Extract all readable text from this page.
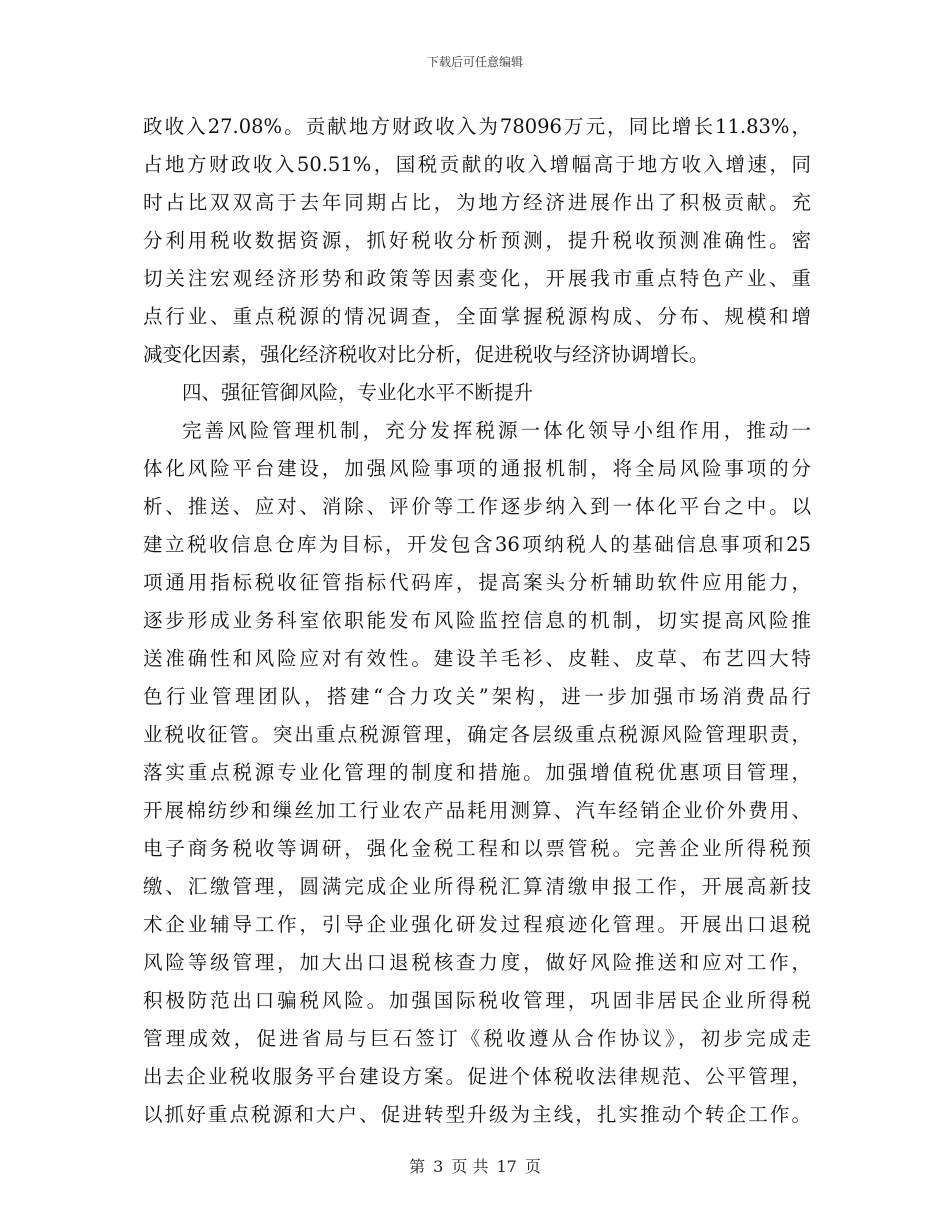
下载后可任意编辑
政收入27.08%。贡献地方财政收入为78096万元，同比增长11.83%，
占地方财政收入50.51%，国税贡献的收入增幅高于地方收入增速，同
时占比双双高于去年同期占比，为地方经济进展作出了积极贡献。充
分利用税收数据资源，抓好税收分析预测，提升税收预测准确性。密
切关注宏观经济形势和政策等因素变化，开展我市重点特色产业、重
点行业、重点税源的情况调查，全面掌握税源构成、分布、规模和增
减变化因素，强化经济税收对比分析，促进税收与经济协调增长。
四、强征管御风险，专业化水平不断提升
完善风险管理机制，充分发挥税源一体化领导小组作用，推动一
体化风险平台建设，加强风险事项的通报机制，将全局风险事项的分
析、推送、应对、消除、评价等工作逐步纳入到一体化平台之中。以
建立税收信息仓库为目标，开发包含36项纳税人的基础信息事项和25
项通用指标税收征管指标代码库，提高案头分析辅助软件应用能力，
逐步形成业务科室依职能发布风险监控信息的机制，切实提高风险推
送准确性和风险应对有效性。建设羊毛衫、皮鞋、皮草、布艺四大特
色行业管理团队，搭建“合力攻关”架构，进一步加强市场消费品行
业税收征管。突出重点税源管理，确定各层级重点税源风险管理职责，
落实重点税源专业化管理的制度和措施。加强增值税优惠项目管理，
开展棉纺纱和缫丝加工行业农产品耗用测算、汽车经销企业价外费用、
电子商务税收等调研，强化金税工程和以票管税。完善企业所得税预
缴、汇缴管理，圆满完成企业所得税汇算清缴申报工作，开展高新技
术企业辅导工作，引导企业强化研发过程痕迹化管理。开展出口退税
风险等级管理，加大出口退税核查力度，做好风险推送和应对工作，
积极防范出口骗税风险。加强国际税收管理，巩固非居民企业所得税
管理成效，促进省局与巨石签订《税收遵从合作协议》，初步完成走
出去企业税收服务平台建设方案。促进个体税收法律规范、公平管理，
以抓好重点税源和大户、促进转型升级为主线，扎实推动个转企工作。
第 3 页 共 17 页
